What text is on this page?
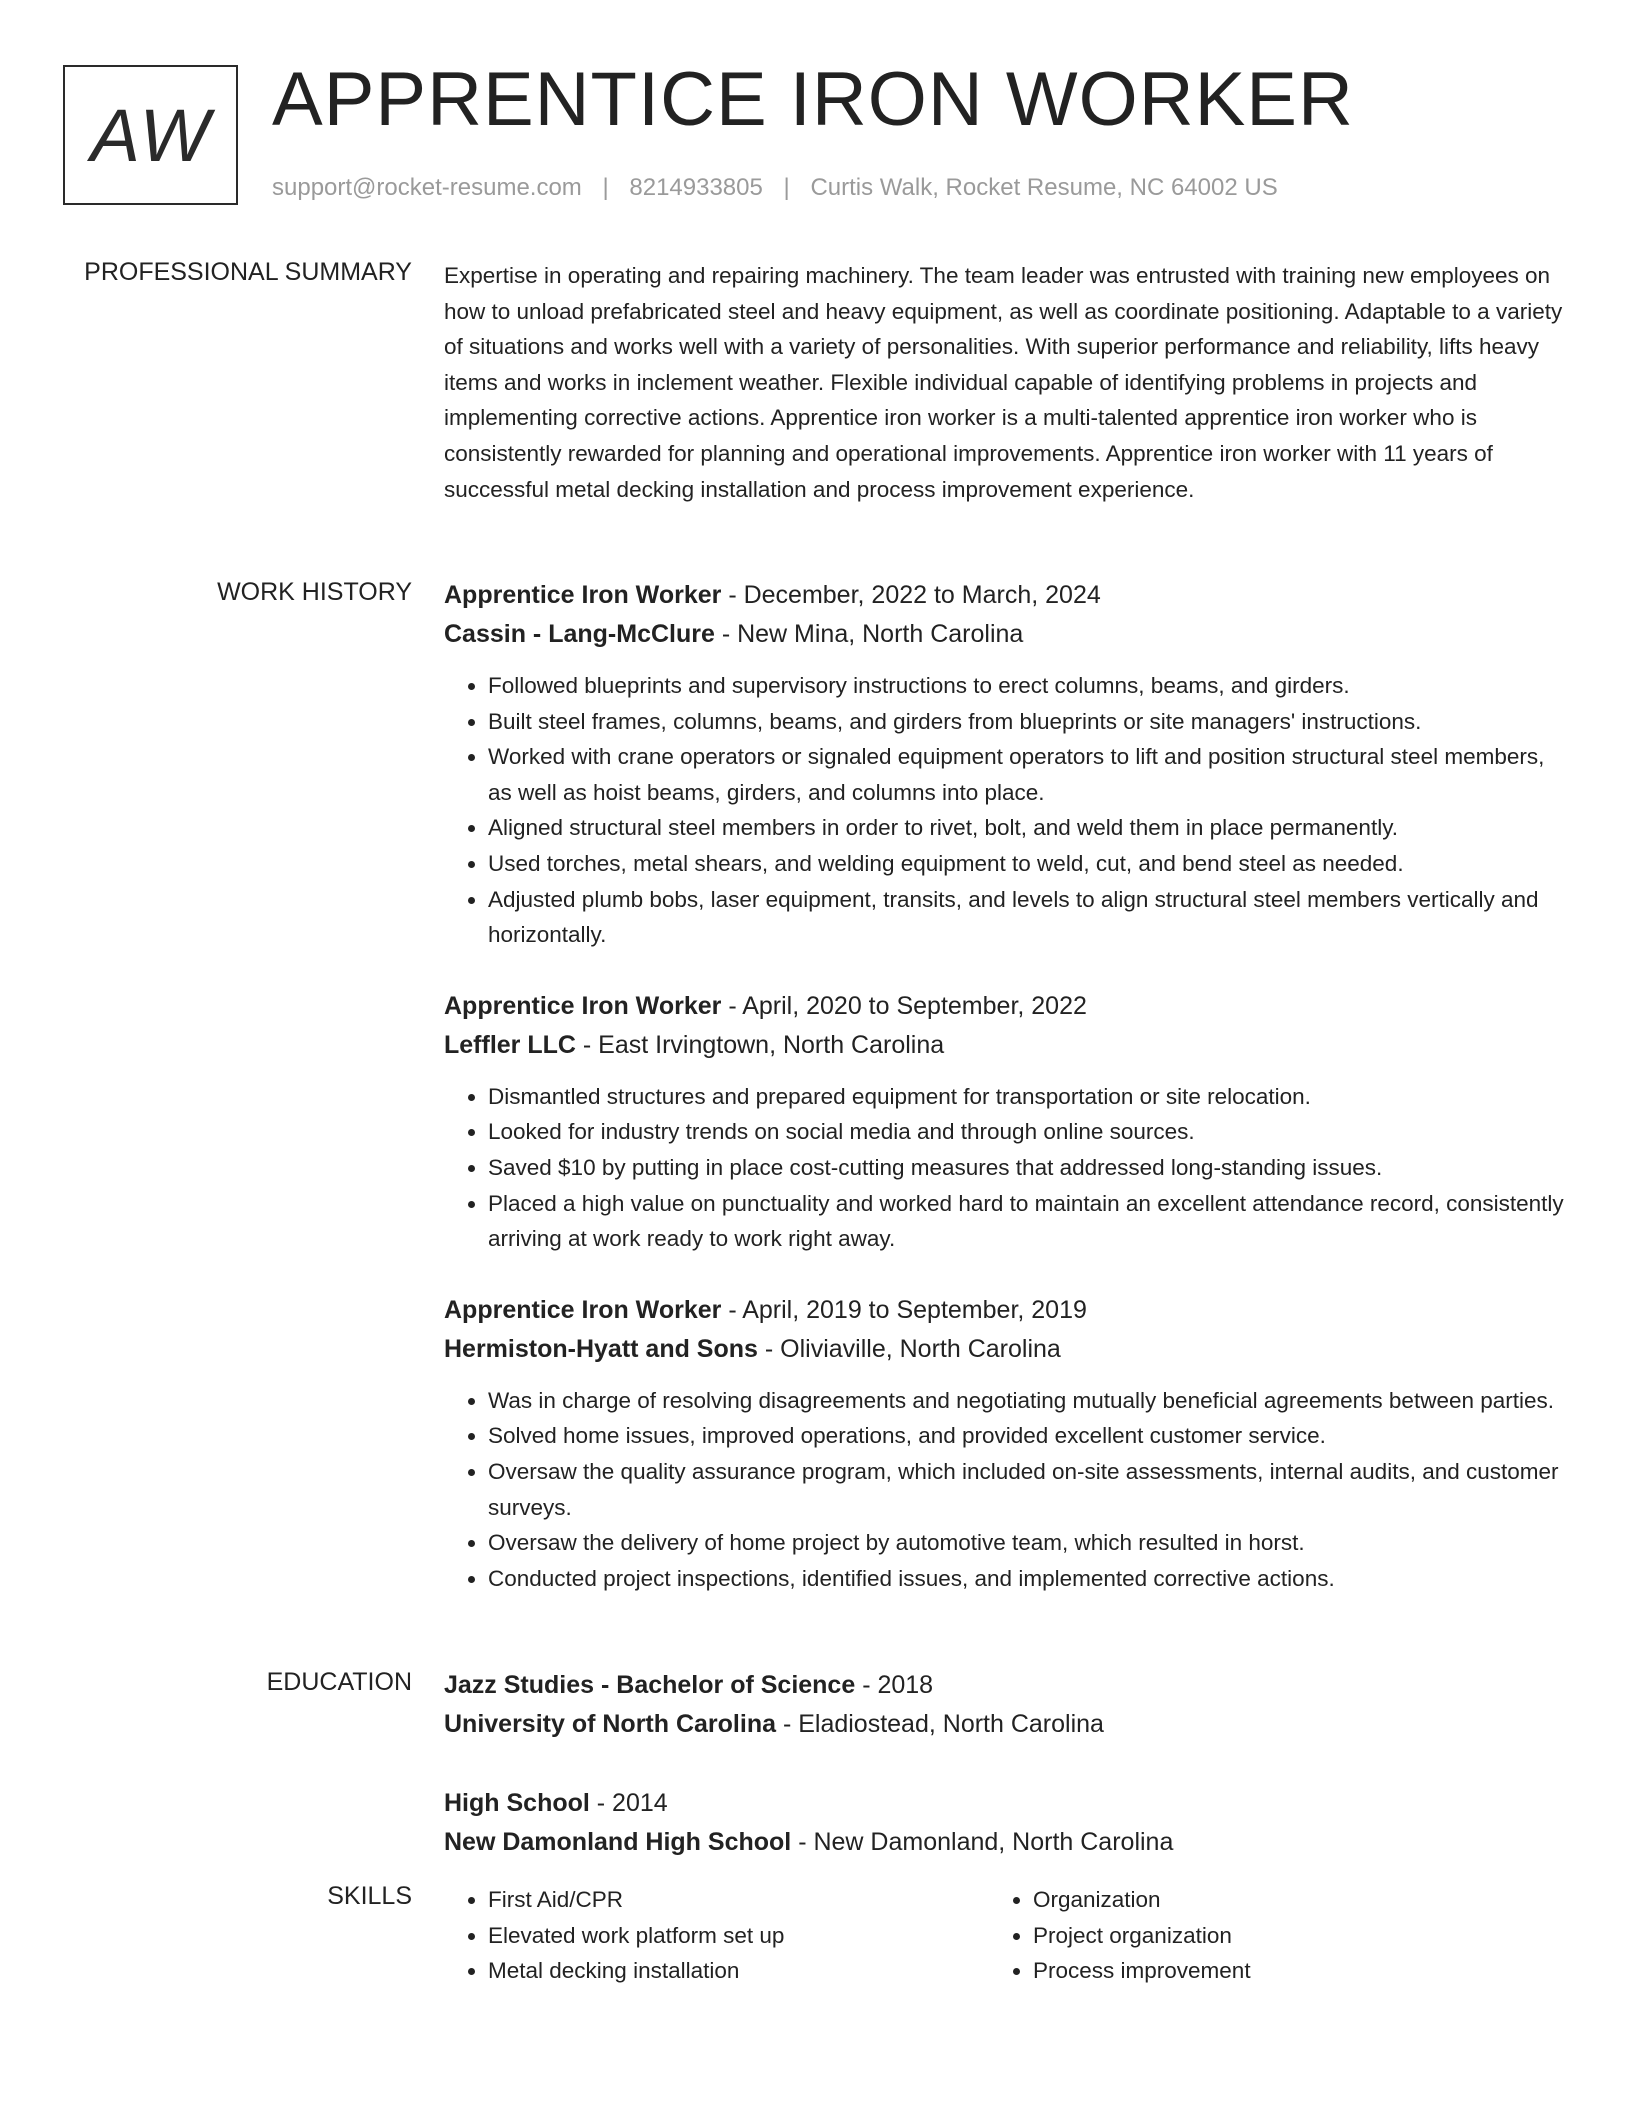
AW APPRENTICE IRON WORKER
support@rocket-resume.com | 8214933805 | Curtis Walk, Rocket Resume, NC 64002 US
PROFESSIONAL SUMMARY Expertise in operating and repairing machinery. The team leader was entrusted with training new employees on how to unload prefabricated steel and heavy equipment, as well as coordinate positioning. Adaptable to a variety of situations and works well with a variety of personalities. With superior performance and reliability, lifts heavy items and works in inclement weather. Flexible individual capable of identifying problems in projects and implementing corrective actions. Apprentice iron worker is a multi-talented apprentice iron worker who is consistently rewarded for planning and operational improvements. Apprentice iron worker with 11 years of successful metal decking installation and process improvement experience.

WORK HISTORY Apprentice Iron Worker - December, 2022 to March, 2024
Cassin - Lang-McClure - New Mina, North Carolina
• Followed blueprints and supervisory instructions to erect columns, beams, and girders.
• Built steel frames, columns, beams, and girders from blueprints or site managers' instructions.
• Worked with crane operators or signaled equipment operators to lift and position structural steel members, as well as hoist beams, girders, and columns into place.
• Aligned structural steel members in order to rivet, bolt, and weld them in place permanently.
• Used torches, metal shears, and welding equipment to weld, cut, and bend steel as needed.
• Adjusted plumb bobs, laser equipment, transits, and levels to align structural steel members vertically and horizontally.
Apprentice Iron Worker - April, 2020 to September, 2022
Leffler LLC - East Irvingtown, North Carolina
• Dismantled structures and prepared equipment for transportation or site relocation.
• Looked for industry trends on social media and through online sources.
• Saved $10 by putting in place cost-cutting measures that addressed long-standing issues.
• Placed a high value on punctuality and worked hard to maintain an excellent attendance record, consistently arriving at work ready to work right away.
Apprentice Iron Worker - April, 2019 to September, 2019
Hermiston-Hyatt and Sons - Oliviaville, North Carolina
• Was in charge of resolving disagreements and negotiating mutually beneficial agreements between parties.
• Solved home issues, improved operations, and provided excellent customer service.
• Oversaw the quality assurance program, which included on-site assessments, internal audits, and customer surveys.
• Oversaw the delivery of home project by automotive team, which resulted in horst.
• Conducted project inspections, identified issues, and implemented corrective actions.
EDUCATION Jazz Studies - Bachelor of Science - 2018
University of North Carolina - Eladiostead, North Carolina
High School - 2014
New Damonland High School - New Damonland, North Carolina
SKILLS
•	First Aid/CPR
• Elevated work platform set up
• Metal decking installation
• Organization
• Project organization
• Process improvement
